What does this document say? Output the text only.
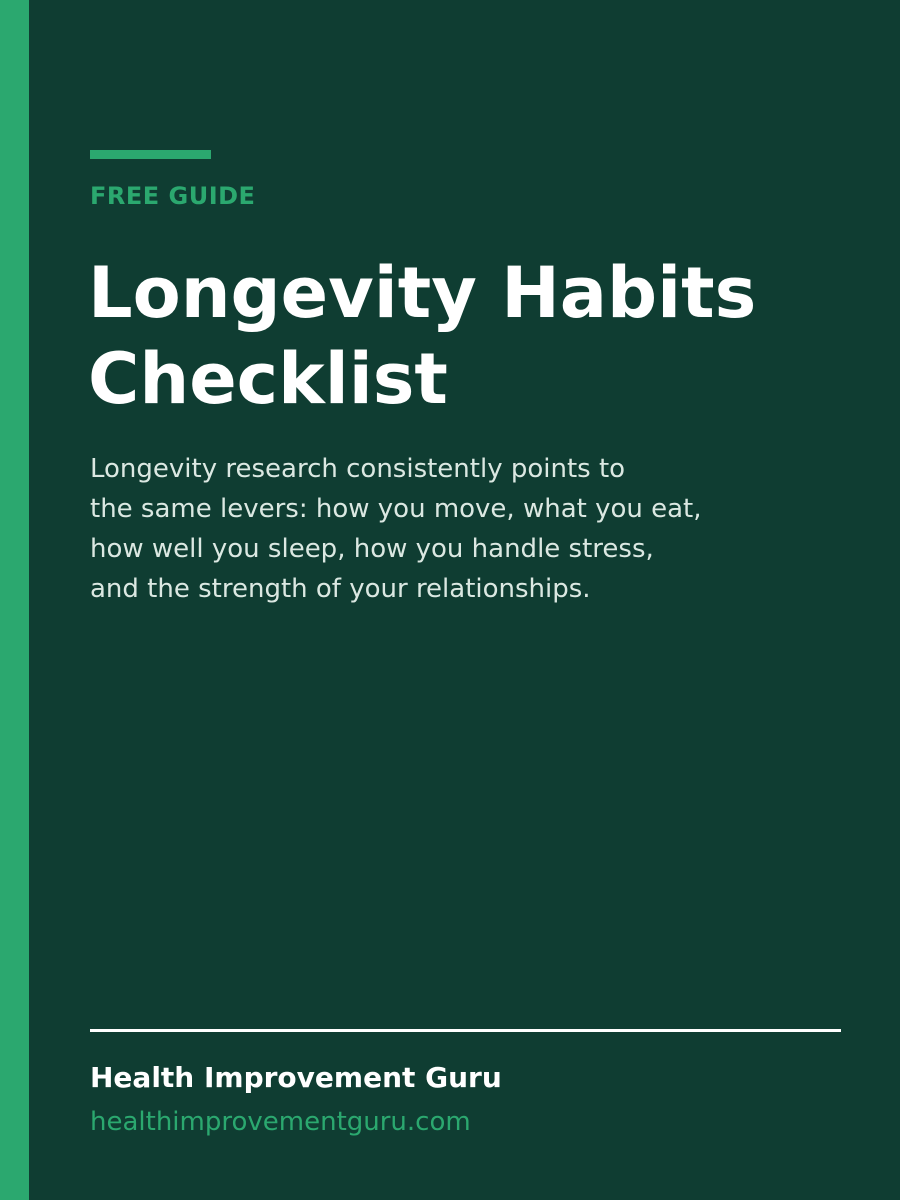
FREE GUIDE

Longevity Habits
Checklist

Longevity research consistently points to
the same levers: how you move, what you eat,
how well you sleep, how you handle stress,
and the strength of your relationships.

Health Improvement Guru

healthimprovementguru.com
